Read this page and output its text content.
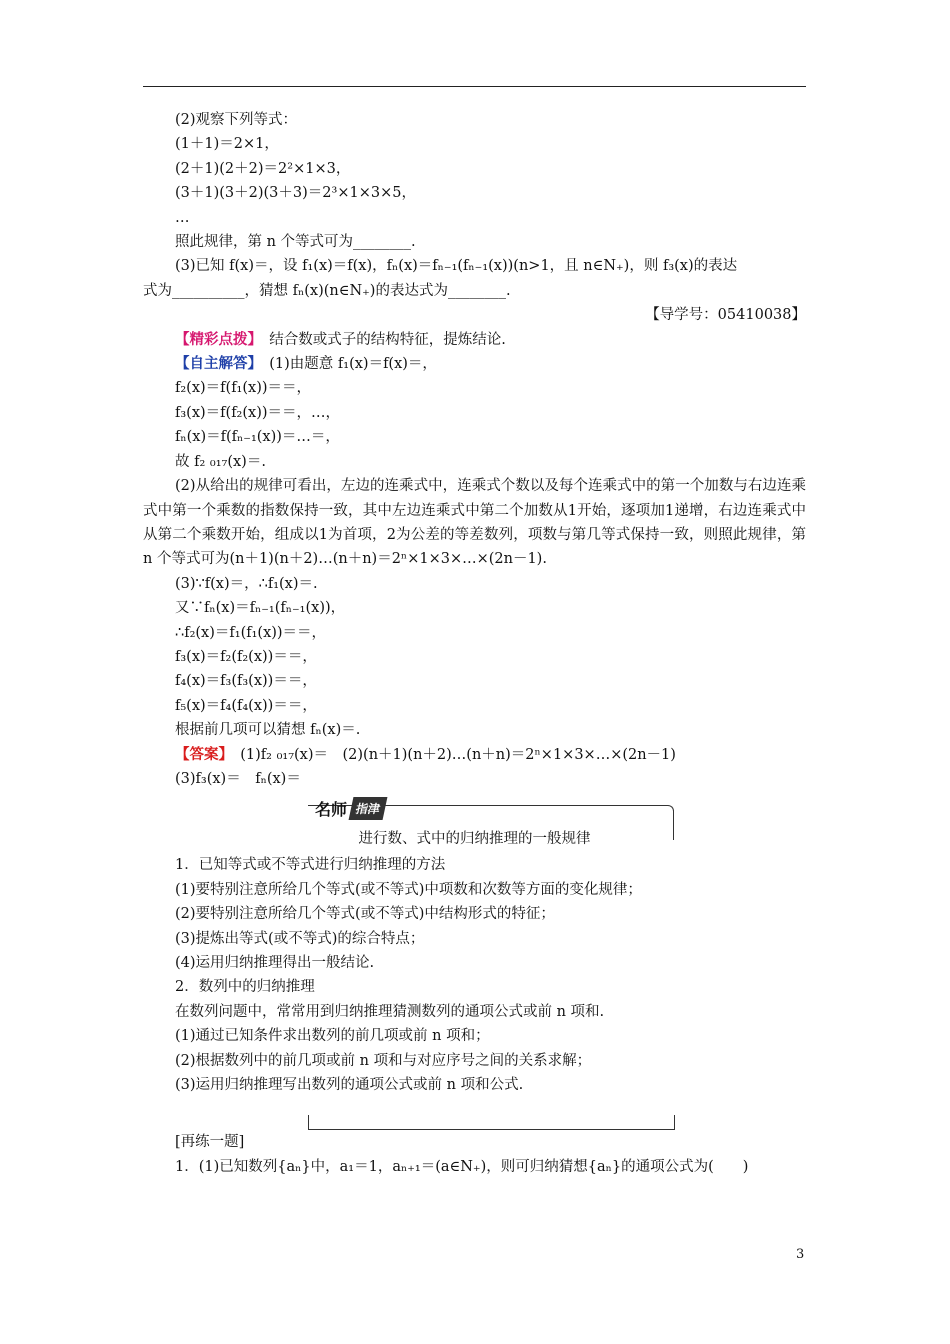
(2)观察下列等式：

(1＋1)＝2×1，

(2＋1)(2＋2)＝2²×1×3，

(3＋1)(3＋2)(3＋3)＝2³×1×3×5，

…

照此规律，第 n 个等式可为________.

(3)已知 f(x)＝，设 f₁(x)＝f(x)，fₙ(x)＝fₙ₋₁(fₙ₋₁(x))(n>1，且 n∈N₊)，则 f₃(x)的表达

式为__________，猜想 fₙ(x)(n∈N₊)的表达式为________.

【导学号：05410038】

【精彩点拨】　结合数或式子的结构特征，提炼结论.

【自主解答】　(1)由题意 f₁(x)＝f(x)＝，

f₂(x)＝f(f₁(x))＝＝，

f₃(x)＝f(f₂(x))＝＝，…，

fₙ(x)＝f(fₙ₋₁(x))＝…＝，

故 f₂ ₀₁₇(x)＝.

(2)从给出的规律可看出，左边的连乘式中，连乘式个数以及每个连乘式中的第一个加数与右边连乘式中第一个乘数的指数保持一致，其中左边连乘式中第二个加数从1开始，逐项加1递增，右边连乘式中从第二个乘数开始，组成以1为首项，2为公差的等差数列，项数与第几等式保持一致，则照此规律，第 n 个等式可为(n＋1)(n＋2)…(n＋n)＝2ⁿ×1×3×…×(2n－1).

(3)∵f(x)＝，∴f₁(x)＝.

又∵fₙ(x)＝fₙ₋₁(fₙ₋₁(x))，

∴f₂(x)＝f₁(f₁(x))＝＝，

f₃(x)＝f₂(f₂(x))＝＝，

f₄(x)＝f₃(f₃(x))＝＝，

f₅(x)＝f₄(f₄(x))＝＝，

根据前几项可以猜想 fₙ(x)＝.

【答案】　(1)f₂ ₀₁₇(x)＝　(2)(n＋1)(n＋2)…(n＋n)＝2ⁿ×1×3×…×(2n－1)

(3)f₃(x)＝　fₙ(x)＝

名师 指津
进行数、式中的归纳推理的一般规律

1．已知等式或不等式进行归纳推理的方法

(1)要特别注意所给几个等式(或不等式)中项数和次数等方面的变化规律；

(2)要特别注意所给几个等式(或不等式)中结构形式的特征；

(3)提炼出等式(或不等式)的综合特点；

(4)运用归纳推理得出一般结论.

2．数列中的归纳推理

在数列问题中，常常用到归纳推理猜测数列的通项公式或前 n 项和.

(1)通过已知条件求出数列的前几项或前 n 项和；

(2)根据数列中的前几项或前 n 项和与对应序号之间的关系求解；

(3)运用归纳推理写出数列的通项公式或前 n 项和公式.

[再练一题]

1．(1)已知数列{aₙ}中，a₁＝1，aₙ₊₁＝(a∈N₊)，则可归纳猜想{aₙ}的通项公式为(　　)

3
